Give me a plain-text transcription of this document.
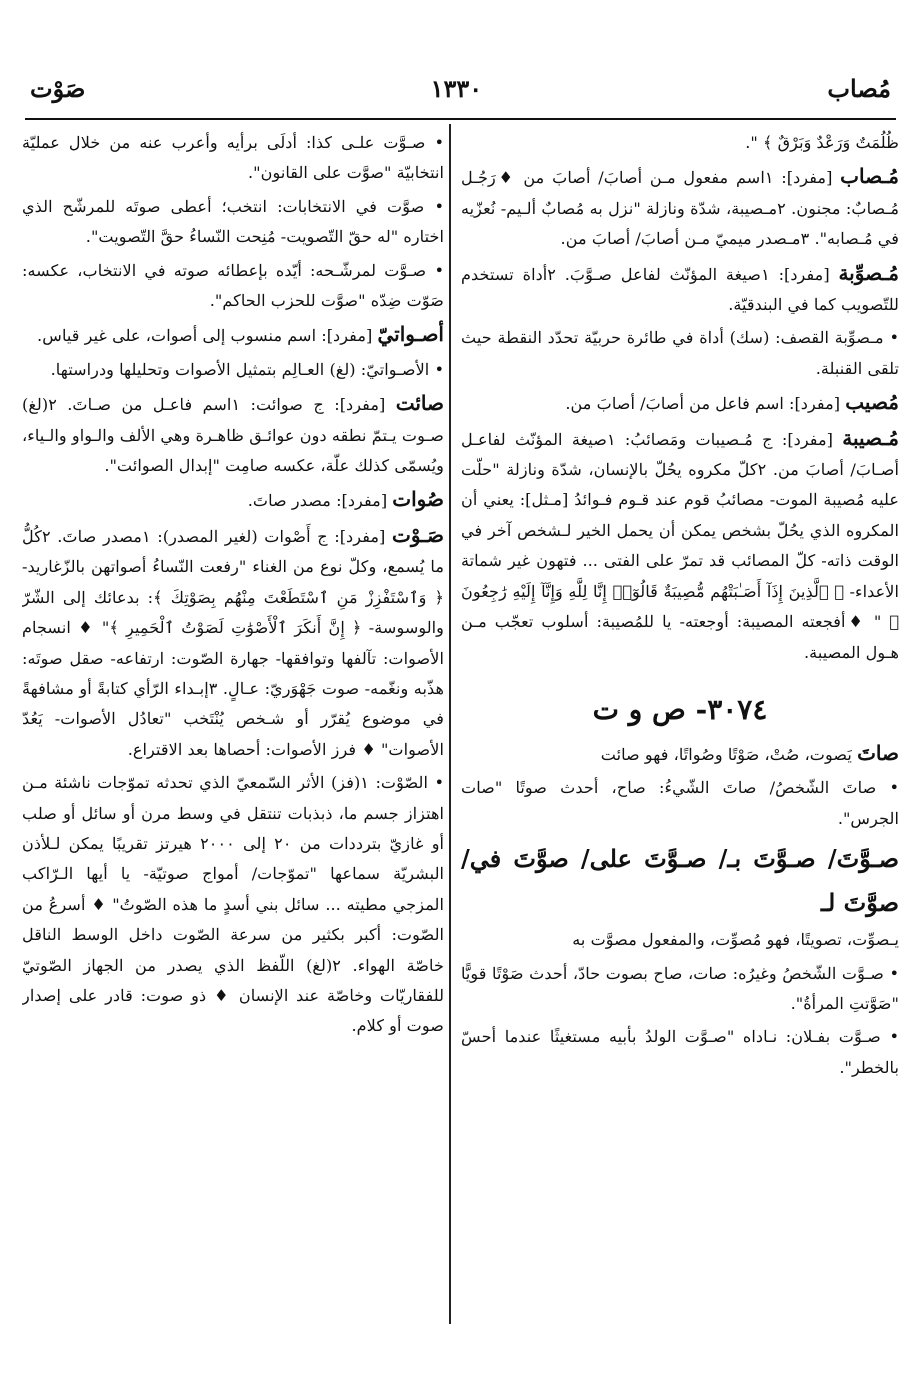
مُصاب
١٣٣٠
صَوْت
ظُلُمَتٌ وَرَعْدٌ وَبَرْقٌ ﴾ ".
مُـصاب [مفرد]: ١اسم مفعول مـن أصابَ/ أصابَ من ♦رَجُـل مُـصابٌ: مجنون. ٢مـصيبة، شدّة ونازلة "نزل به مُصابٌ ألـيم- نُعزّيه في مُـصابه". ٣مـصدر ميميّ مـن أصابَ/ أصابَ من.
مُـصوِّبة [مفرد]: ١صيغة المؤنّث لفاعل صـوَّبَ. ٢أداة تستخدم للتّصويب كما في البندقيّة.
• مـصوِّبة القصف: (سك) أداة في طائرة حربيّة تحدّد النقطة حيث تلقى القنبلة.
مُصيب [مفرد]: اسم فاعل من أصابَ/ أصابَ من.
مُـصيبة [مفرد]: ج مُـصيبات ومَصائبُ: ١صيغة المؤنّث لفاعـل أصـابَ/ أصابَ من. ٢كلّ مكروه يحُلّ بالإنسان، شدّة ونازلة "حلّت عليه مُصيبة الموت- مصائبُ قوم عند قـوم فـوائدُ [مـثل]: يعني أن المكروه الذي يحُلّ بشخص يمكن أن يحمل الخير لـشخص آخر في الوقت ذاته- كلّ المصائب قد تمرّ على الفتى ... فتهون غير شماتة الأعداء- ﴿ ٱلَّذِينَ إِذَآ أَصَـٰبَتْهُم مُّصِيبَةٌ قَالُوٓا۟ إِنَّا لِلَّهِ وَإِنَّآ إِلَيْهِ رَٰجِعُونَ ﴾ " ♦أفجعته المصيبة: أوجعته- يا للمُصيبة: أسلوب تعجّب مـن هـول المصيبة.
٣٠٧٤- ص و ت
صاتَ يَصوت، صُتْ، صَوْتًا وصُواتًا، فهو صائت
• صاتَ الشّخصُ/ صاتَ الشّيءُ: صاح، أحدث صوتًا "صات الجرس".
صـوَّتَ/ صـوَّتَ بـ/ صـوَّتَ على/ صوَّتَ في/ صوَّتَ لـ
يـصوِّت، تصويتًا، فهو مُصوِّت، والمفعول مصوَّت به
• صـوَّت الشّخصُ وغيرُه: صات، صاح بصوت حادّ، أحدث صَوْتًا قويًّا "صَوَّتتِ المرأةُ".
• صـوَّت بفـلان: نـاداه "صـوَّت الولدُ بأبيه مستغيثًا عندما أحسّ بالخطر".
• صـوَّت علـى كذا: أدلَى برأيه وأعرب عنه من خلال عمليّة انتخابيّة "صوَّت على القانون".
• صوَّت في الانتخابات: انتخب؛ أعطى صوتَه للمرشّح الذي اختاره "له حقّ التّصويت- مُنِحت النّساءُ حقَّ التّصويت".
• صـوَّت لمرشّـحه: أيّده بإعطائه صوته في الانتخاب، عكسه: صَوّت ضِدّه "صوَّت للحزب الحاكم".
أصـواتيّ [مفرد]: اسم منسوب إلى أصوات، على غير قياس.
• الأصـواتيّ: (لغ) العـالِم بتمثيل الأصوات وتحليلها ودراستها.
صائت [مفرد]: ج صوائت: ١اسم فاعـل من صـاتَ. ٢(لغ) صـوت يـتمّ نطقه دون عوائـق ظاهـرة وهي الألف والـواو والـياء، ويُسمّى كذلك علّة، عكسه صامِت "إبدال الصوائت".
صُوات [مفرد]: مصدر صاتَ.
صَـوْت [مفرد]: ج أَصْوات (لغير المصدر): ١مصدر صاتَ. ٢كُلُّ ما يُسمع، وكلّ نوع من الغناء "رفعت النّساءُ أصواتهن بالزّغاريد- ﴿ وَٱسْتَفْزِزْ مَنِ ٱسْتَطَعْتَ مِنْهُم بِصَوْتِكَ ﴾: بدعائك إلى الشّرّ والوسوسة- ﴿ إِنَّ أَنكَرَ ٱلْأَصْوَٰتِ لَصَوْتُ ٱلْحَمِيرِ ﴾" ♦ انسجام الأصوات: تآلفها وتوافقها- جهارة الصّوت: ارتفاعه- صقل صوتَه: هذّبه ونغّمه- صوت جَهْوَريّ: عـالٍ. ٣إبـداء الرّأي كتابةً أو مشافهةً في موضوع يُقرّر أو شـخص يُنْتَخب "تعادُل الأصوات- يَعُدّ الأصوات" ♦ فرز الأصوات: أحصاها بعد الاقتراع.
• الصّوْت: ١(فز) الأثر السّمعيّ الذي تحدثه تموّجات ناشئة مـن اهتزاز جسم ما، ذبذبات تنتقل في وسط مرن أو سائل أو صلب أو غازيّ بترددات من ٢٠ إلى ٢٠٠٠ هيرتز تقريبًا يمكن لـلأذن البشريّة سماعها "تموّجات/ أمواج صوتيّة- يا أيها الـرّاكب المزجي مطيته ... سائل بني أسدٍ ما هذه الصّوتُ" ♦ أسرعُ من الصّوت: أكبر بكثير من سرعة الصّوت داخل الوسط الناقل خاصّة الهواء. ٢(لغ) اللّفظ الذي يصدر من الجهاز الصّوتيّ للفقاريّات وخاصّة عند الإنسان ♦ ذو صوت: قادر على إصدار صوت أو كلام.
